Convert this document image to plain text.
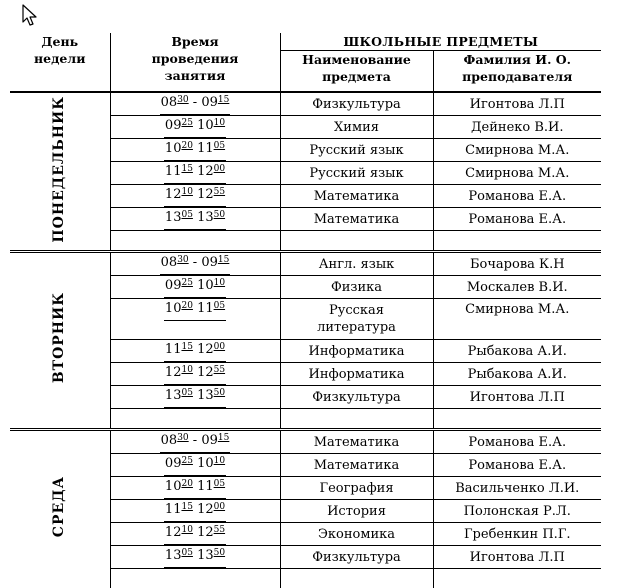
День недели	Время проведения занятия	ШКОЛЬНЫЕ ПРЕДМЕТЫ	
		Наименование предмета	Фамилия И. О. преподавателя
ПОНЕДЕЛЬНИК	$08^{30} - 09^{15}$	Физкультура	Игонтова Л.П
	$09^{25}$ $10^{10}$	Химия	Дейнеко В.И.
	$10^{20}$ $11^{05}$	Русский язык	Смирнова М.А.
	$11^{15}$ $12^{00}$	Русский язык	Смирнова М.А.
	$12^{10}$ $12^{55}$	Математика	Романова Е.А.
	$13^{05}$ $13^{50}$	Математика	Романова Е.А.

ВТОРНИК	$08^{30} - 09^{15}$	Англ. язык	Бочарова К.Н
	$09^{25}$ $10^{10}$	Физика	Москалев В.И.
	$10^{20}$ $11^{05}$	Русская литература	Смирнова М.А.
	$11^{15}$ $12^{00}$	Информатика	Рыбакова А.И.
	$12^{10}$ $12^{55}$	Информатика	Рыбакова А.И.
	$13^{05}$ $13^{50}$	Физкультура	Игонтова Л.П

СРЕДА	$08^{30} - 09^{15}$	Математика	Романова Е.А.
	$09^{25}$ $10^{10}$	Математика	Романова Е.А.
	$10^{20}$ $11^{05}$	География	Васильченко Л.И.
	$11^{15}$ $12^{00}$	История	Полонская Р.Л.
	$12^{10}$ $12^{55}$	Экономика	Гребенкин П.Г.
	$13^{05}$ $13^{50}$	Физкультура	Игонтова Л.П
